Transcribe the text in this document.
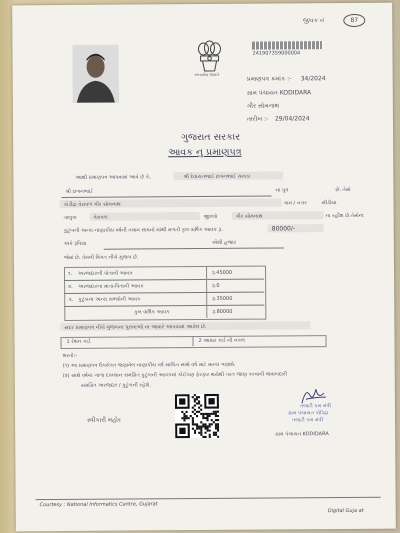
જીવક નં	87
સત્યમેવ જયતે
241907359000004
પ્રમાણપત્ર ક્રમાંક :- 34/2024
ગ્રામ પંચાયત KODIDARA
ગીર સોમનાથ
તારીખ :- 29/04/2024
ગુજરાત સરકાર
આવક નુ પ્રમાણપત્ર
આથી પ્રમાણપત્ર આપવામાં આવે છે કે,	શ્રી દેવાયતભાઈ છગનભાઈ ચાવડા
શ્રી છગનભાઈ	ના પુત્ર	છે. તેમો
કોડીદ્રા વેરાવળ ગીર સોમનાથ	ગામ / નગર	સીડીયા
તાલુકા	વેરાવળ	જીલ્લો	ગીર સોમનાથ	ના રહીશ છે.તેમોના
કુટુંબની અન્ય નાણાકીય વર્ષની તમામ સાધનો માંથી મળતી કુલ વાર્ષિક આવક રૂ.	80000/-
અંકે રૂપિયા	એંશી હજાર
જેમાં છે. તેમની વિગત નીચે મુજબ છે.
૧. અરજદારની પોતાની આવક	રૂ.45000
૨. અરજદારના માતા-પિતાની આવક	રૂ.0
૩. કુટુંબના અન્ય સભ્યોની આવક	રૂ.35000
કુલ વાર્ષિક આવક	રૂ.80000
સદર પ્રમાણપત્ર નીચે મુજબના પુરાવાઓ ના આધારે આપવામાં આવેલ છે.
1 રેશન કાર્ડ	2 આધાર કાર્ડ ની નકલ
શરતો:-
(૧) આ પ્રમાણપત્ર ઉપરોક્ત જણાવેલ નાણાકીય વર્ષ સાચિત સાથે વર્ષ માટે માન્ય ગણાશે.
(૨) સાથે વર્ષના ગાળા દરમ્યાન સમગ્રિત કુટુંબની આવકમાં કોઈપણ ફેરફાર થયેથી તરત જાણ કરવાની જવાબદારી
સમગ્રિત અરજદાર / કુટુંબની રહેશે.
તલાટી કમ મંત્રી
ગ્રામ પંચાયત કોડિદ્રા
તલાટી કમ મંત્રી
સ્વીકારી મહોર
ગ્રામ પંચાયત KODIDARA
Courtesy : National Informatics Centre, Gujarat
Digital Guja at
